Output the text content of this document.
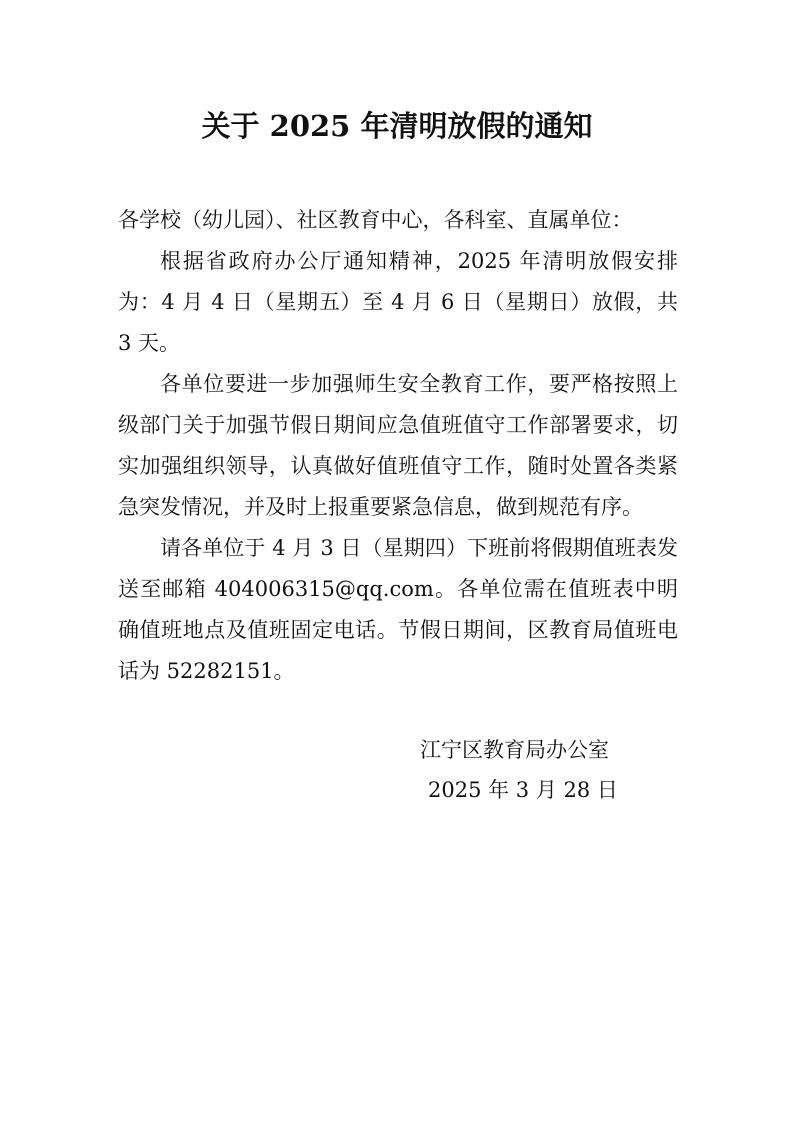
关于 2025 年清明放假的通知

各学校（幼儿园）、社区教育中心，各科室、直属单位：

根据省政府办公厅通知精神，2025 年清明放假安排为：4 月 4 日（星期五）至 4 月 6 日（星期日）放假，共 3 天。

各单位要进一步加强师生安全教育工作，要严格按照上级部门关于加强节假日期间应急值班值守工作部署要求，切实加强组织领导，认真做好值班值守工作，随时处置各类紧急突发情况，并及时上报重要紧急信息，做到规范有序。

请各单位于 4 月 3 日（星期四）下班前将假期值班表发送至邮箱 404006315@qq.com。各单位需在值班表中明确值班地点及值班固定电话。节假日期间，区教育局值班电话为 52282151。

江宁区教育局办公室
2025 年 3 月 28 日
